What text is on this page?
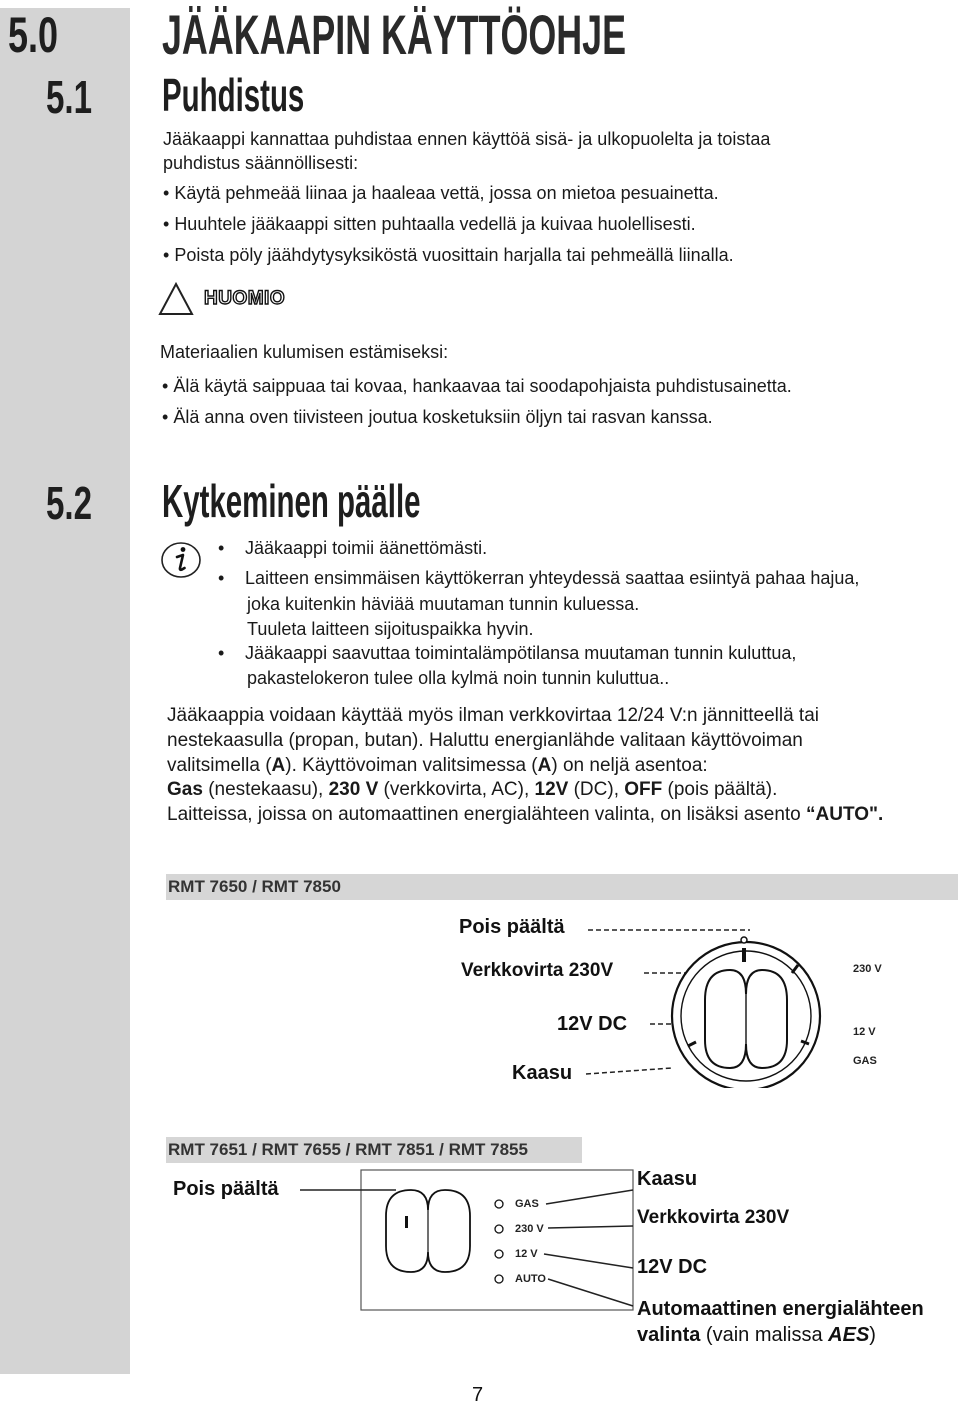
5.0
5.1
5.2
JÄÄKAAPIN KÄYTTÖOHJE
Puhdistus
Jääkaappi kannattaa puhdistaa ennen käyttöä sisä- ja ulkopuolelta ja toistaa
puhdistus säännöllisesti:
• Käytä pehmeää liinaa ja haaleaa vettä, jossa on mietoa pesuainetta.
• Huuhtele jääkaappi sitten puhtaalla vedellä ja kuivaa huolellisesti.
• Poista pöly jäähdytysyksiköstä vuosittain harjalla tai pehmeällä liinalla.
HUOMIO
Materiaalien kulumisen estämiseksi:
• Älä käytä saippuaa tai kovaa, hankaavaa tai soodapohjaista puhdistusainetta.
• Älä anna oven tiivisteen joutua kosketuksiin öljyn tai rasvan kanssa.
Kytkeminen päälle
• Jääkaappi toimii äänettömästi.
• Laitteen ensimmäisen käyttökerran yhteydessä saattaa esiintyä pahaa hajua,
joka kuitenkin häviää muutaman tunnin kuluessa.
Tuuleta laitteen sijoituspaikka hyvin.
• Jääkaappi saavuttaa toimintalämpötilansa muutaman tunnin kuluttua,
pakastelokeron tulee olla kylmä noin tunnin kuluttua..
Jääkaappia voidaan käyttää myös ilman verkkovirtaa 12/24 V:n jännitteellä tai
nestekaasulla (propan, butan). Haluttu energianlähde valitaan käyttövoiman
valitsimella (A). Käyttövoiman valitsimessa (A) on neljä asentoa:
Gas (nestekaasu), 230 V (verkkovirta, AC), 12V (DC), OFF (pois päältä).
Laitteissa, joissa on automaattinen energialähteen valinta, on lisäksi asento “AUTO".
RMT 7650 / RMT 7850
Pois päältä
Verkkovirta 230V
12V DC
Kaasu
230 V
12 V
GAS
RMT 7651 / RMT 7655 / RMT 7851 / RMT 7855
Pois päältä
GAS
230 V
12 V
AUTO
Kaasu
Verkkovirta 230V
12V DC
Automaattinen energialähteen
valinta (vain malissa AES)
7
